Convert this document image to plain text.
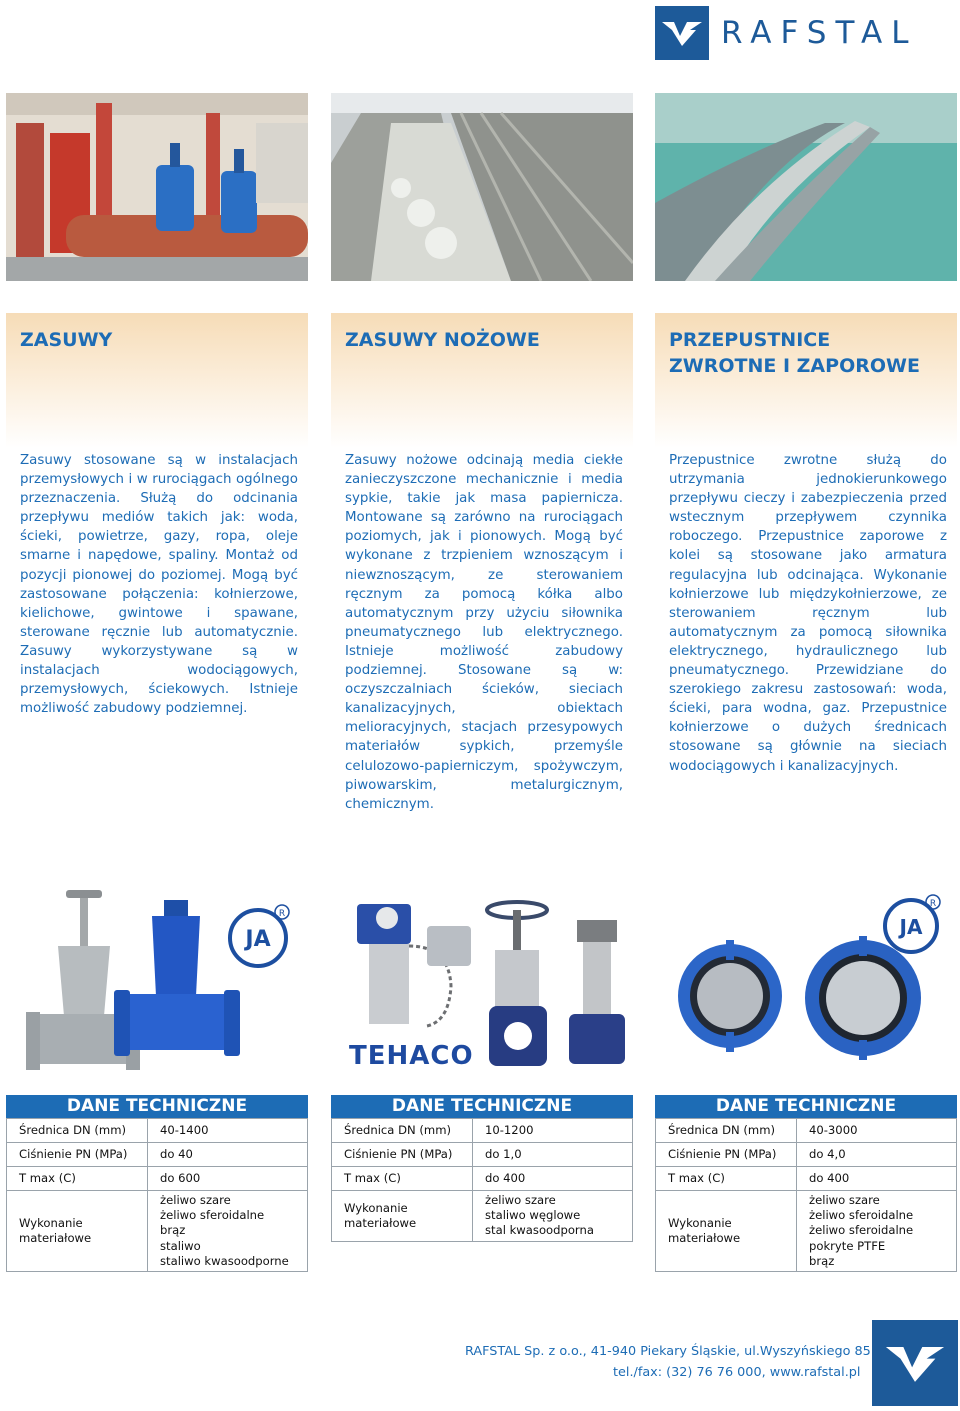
RAFSTAL
ZASUWY	ZASUWY NOŻOWE	PRZEPUSTNICE ZWROTNE I ZAPOROWE

Zasuwy stosowane są w instalacjach przemysłowych i w rurociągach ogólnego przeznaczenia. Służą do odcinania przepływu mediów takich jak: woda, ścieki, powietrze, gazy, ropa, oleje smarne i napędowe, spaliny. Montaż od pozycji pionowej do poziomej. Mogą być zastosowane połączenia: kołnierzowe, kielichowe, gwintowe i spawane, sterowane ręcznie lub automatycznie. Zasuwy wykorzystywane są w instalacjach wodociągowych, przemysłowych, ściekowych. Istnieje możliwość zabudowy podziemnej.

Zasuwy nożowe odcinają media ciekłe zanieczyszczone mechanicznie i media sypkie, takie jak masa papiernicza. Montowane są zarówno na rurociągach poziomych, jak i pionowych. Mogą być wykonane z trzpieniem wznoszącym i niewznoszącym, ze sterowaniem ręcznym za pomocą kółka albo automatycznym przy użyciu siłownika pneumatycznego lub elektrycznego. Istnieje możliwość zabudowy podziemnej. Stosowane są w: oczyszczalniach ścieków, sieciach kanalizacyjnych, obiektach melioracyjnych, stacjach przesypowych materiałów sypkich, przemyśle celulozowo-papierniczym, spożywczym, piwowarskim, metalurgicznym, chemicznym.

Przepustnice zwrotne służą do utrzymania jednokierunkowego przepływu cieczy i zabezpieczenia przed wstecznym przepływem czynnika roboczego. Przepustnice zaporowe z kolei są stosowane jako armatura regulacyjna lub odcinająca. Wykonanie kołnierzowe lub międzykołnierzowe, ze sterowaniem ręcznym lub automatycznym za pomocą siłownika elektrycznego, hydraulicznego lub pneumatycznego. Przewidziane do szerokiego zakresu zastosowań: woda, ścieki, para wodna, gaz. Przepustnice kołnierzowe o dużych średnicach stosowane są głównie na sieciach wodociągowych i kanalizacyjnych.

JA
R
TEHACO
JA
R
DANE TECHNICZNE
Średnica DN (mm)	40-1400
Ciśnienie PN (MPa)	do 40
T max (C)	do 600
Wykonanie materiałowe	żeliwo szare
żeliwo sferoidalne
brąz
staliwo
staliwo kwasoodporne
DANE TECHNICZNE
Średnica DN (mm)	10-1200
Ciśnienie PN (MPa)	do 1,0
T max (C)	do 400
Wykonanie materiałowe	żeliwo szare
staliwo węglowe
stal kwasoodporna
DANE TECHNICZNE
Średnica DN (mm)	40-3000
Ciśnienie PN (MPa)	do 4,0
T max (C)	do 400
Wykonanie materiałowe	żeliwo szare
żeliwo sferoidalne
żeliwo sferoidalne
pokryte PTFE
brąz
RAFSTAL Sp. z o.o., 41-940 Piekary Śląskie, ul.Wyszyńskiego 85
tel./fax: (32) 76 76 000, www.rafstal.pl
